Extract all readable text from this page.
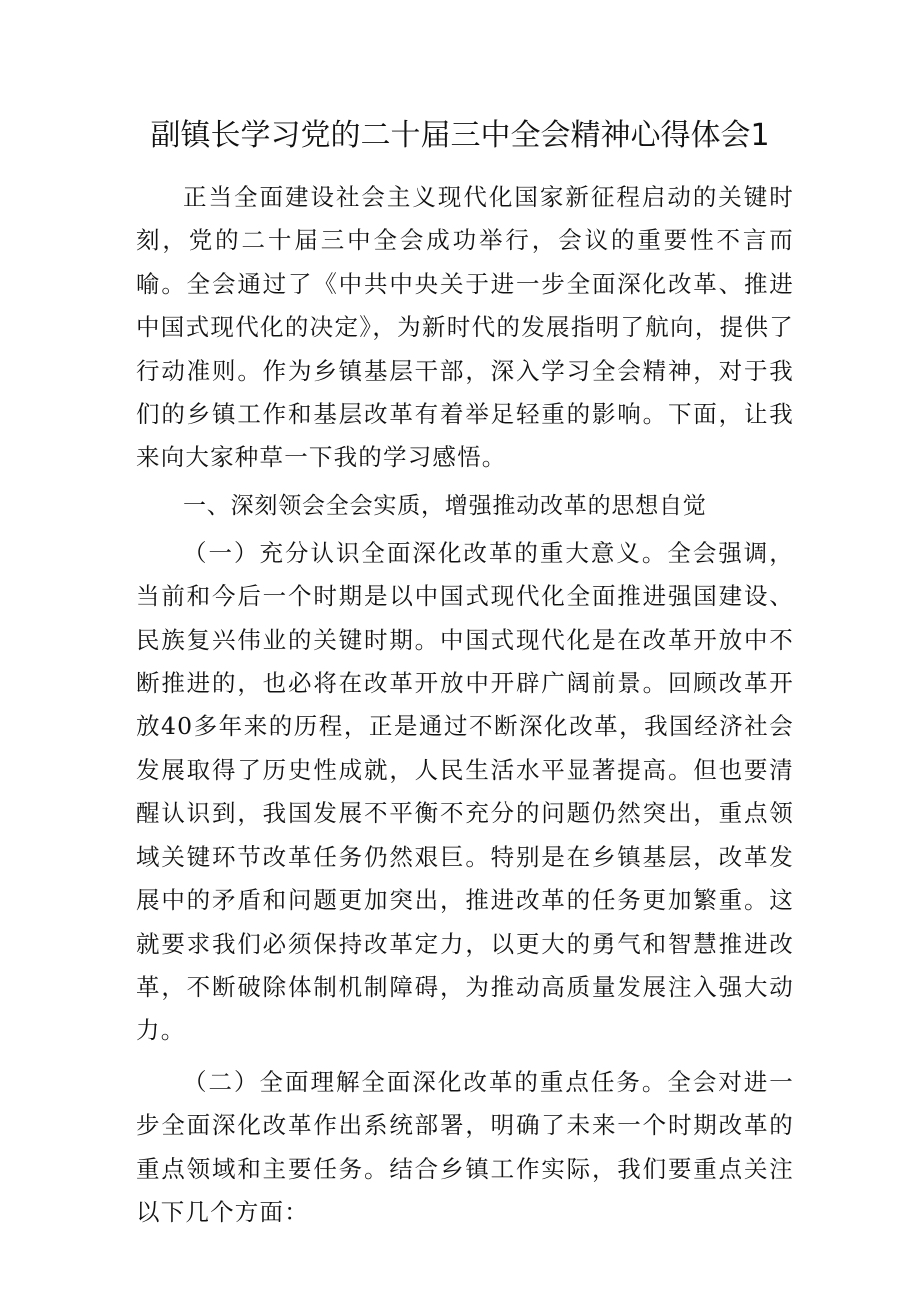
副镇长学习党的二十届三中全会精神心得体会1

正当全面建设社会主义现代化国家新征程启动的关键时刻，党的二十届三中全会成功举行，会议的重要性不言而喻。全会通过了《中共中央关于进一步全面深化改革、推进中国式现代化的决定》，为新时代的发展指明了航向，提供了行动准则。作为乡镇基层干部，深入学习全会精神，对于我们的乡镇工作和基层改革有着举足轻重的影响。下面，让我来向大家种草一下我的学习感悟。

一、深刻领会全会实质，增强推动改革的思想自觉

（一）充分认识全面深化改革的重大意义。全会强调，当前和今后一个时期是以中国式现代化全面推进强国建设、民族复兴伟业的关键时期。中国式现代化是在改革开放中不断推进的，也必将在改革开放中开辟广阔前景。回顾改革开放40多年来的历程，正是通过不断深化改革，我国经济社会发展取得了历史性成就，人民生活水平显著提高。但也要清醒认识到，我国发展不平衡不充分的问题仍然突出，重点领域关键环节改革任务仍然艰巨。特别是在乡镇基层，改革发展中的矛盾和问题更加突出，推进改革的任务更加繁重。这就要求我们必须保持改革定力，以更大的勇气和智慧推进改革，不断破除体制机制障碍，为推动高质量发展注入强大动力。

（二）全面理解全面深化改革的重点任务。全会对进一步全面深化改革作出系统部署，明确了未来一个时期改革的重点领域和主要任务。结合乡镇工作实际，我们要重点关注以下几个方面：
